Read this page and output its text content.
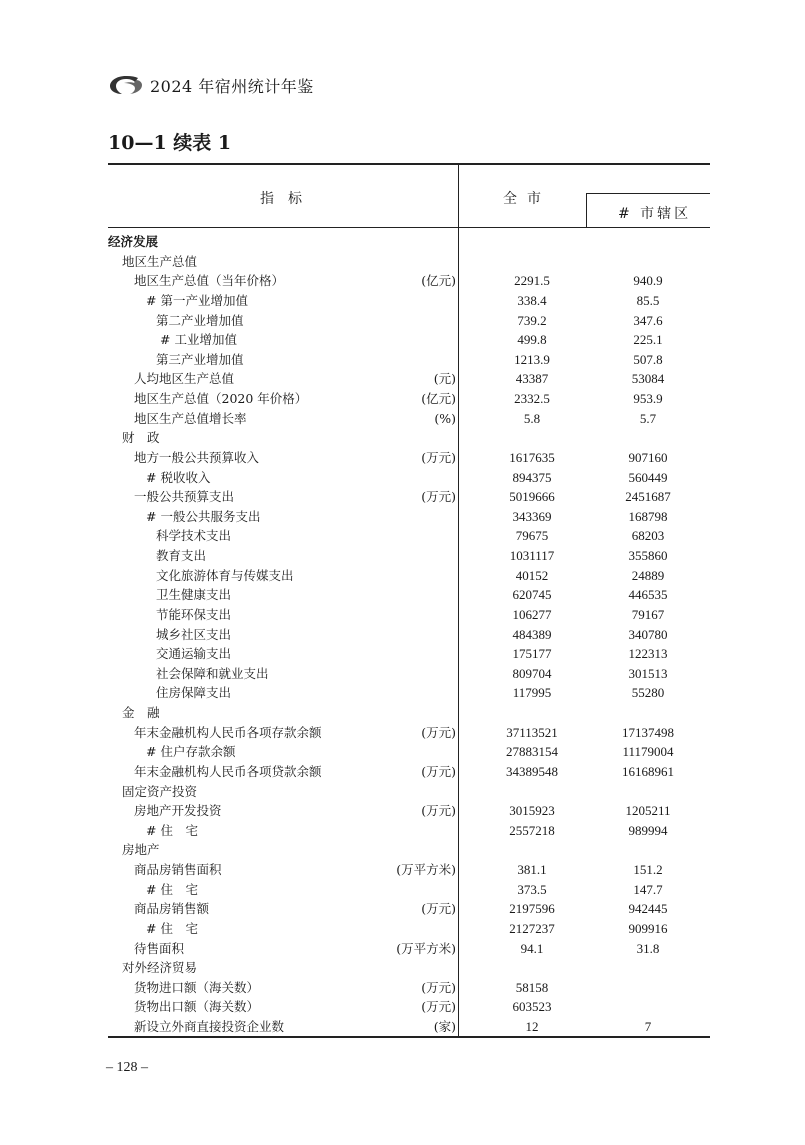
2024 年宿州统计年鉴
10—1 续表 1
指标	全市
# 市辖区
经济发展
地区生产总值
地区生产总值（当年价格）	(亿元)	2291.5	940.9
# 第一产业增加值	338.4	85.5
第二产业增加值	739.2	347.6
# 工业增加值	499.8	225.1
第三产业增加值	1213.9	507.8
人均地区生产总值	(元)	43387	53084
地区生产总值（2020 年价格）	(亿元)	2332.5	953.9
地区生产总值增长率	(%)	5.8	5.7
财　政
地方一般公共预算收入	(万元)	1617635	907160
# 税收收入	894375	560449
一般公共预算支出	(万元)	5019666	2451687
# 一般公共服务支出	343369	168798
科学技术支出	79675	68203
教育支出	1031117	355860
文化旅游体育与传媒支出	40152	24889
卫生健康支出	620745	446535
节能环保支出	106277	79167
城乡社区支出	484389	340780
交通运输支出	175177	122313
社会保障和就业支出	809704	301513
住房保障支出	117995	55280
金　融
年末金融机构人民币各项存款余额	(万元)	37113521	17137498
# 住户存款余额	27883154	11179004
年末金融机构人民币各项贷款余额	(万元)	34389548	16168961
固定资产投资
房地产开发投资	(万元)	3015923	1205211
# 住　宅	2557218	989994
房地产
商品房销售面积	(万平方米)	381.1	151.2
# 住　宅	373.5	147.7
商品房销售额	(万元)	2197596	942445
# 住　宅	2127237	909916
待售面积	(万平方米)	94.1	31.8
对外经济贸易
货物进口额（海关数）	(万元)	58158
货物出口额（海关数）	(万元)	603523
新设立外商直接投资企业数	(家)	12	7
– 128 –
